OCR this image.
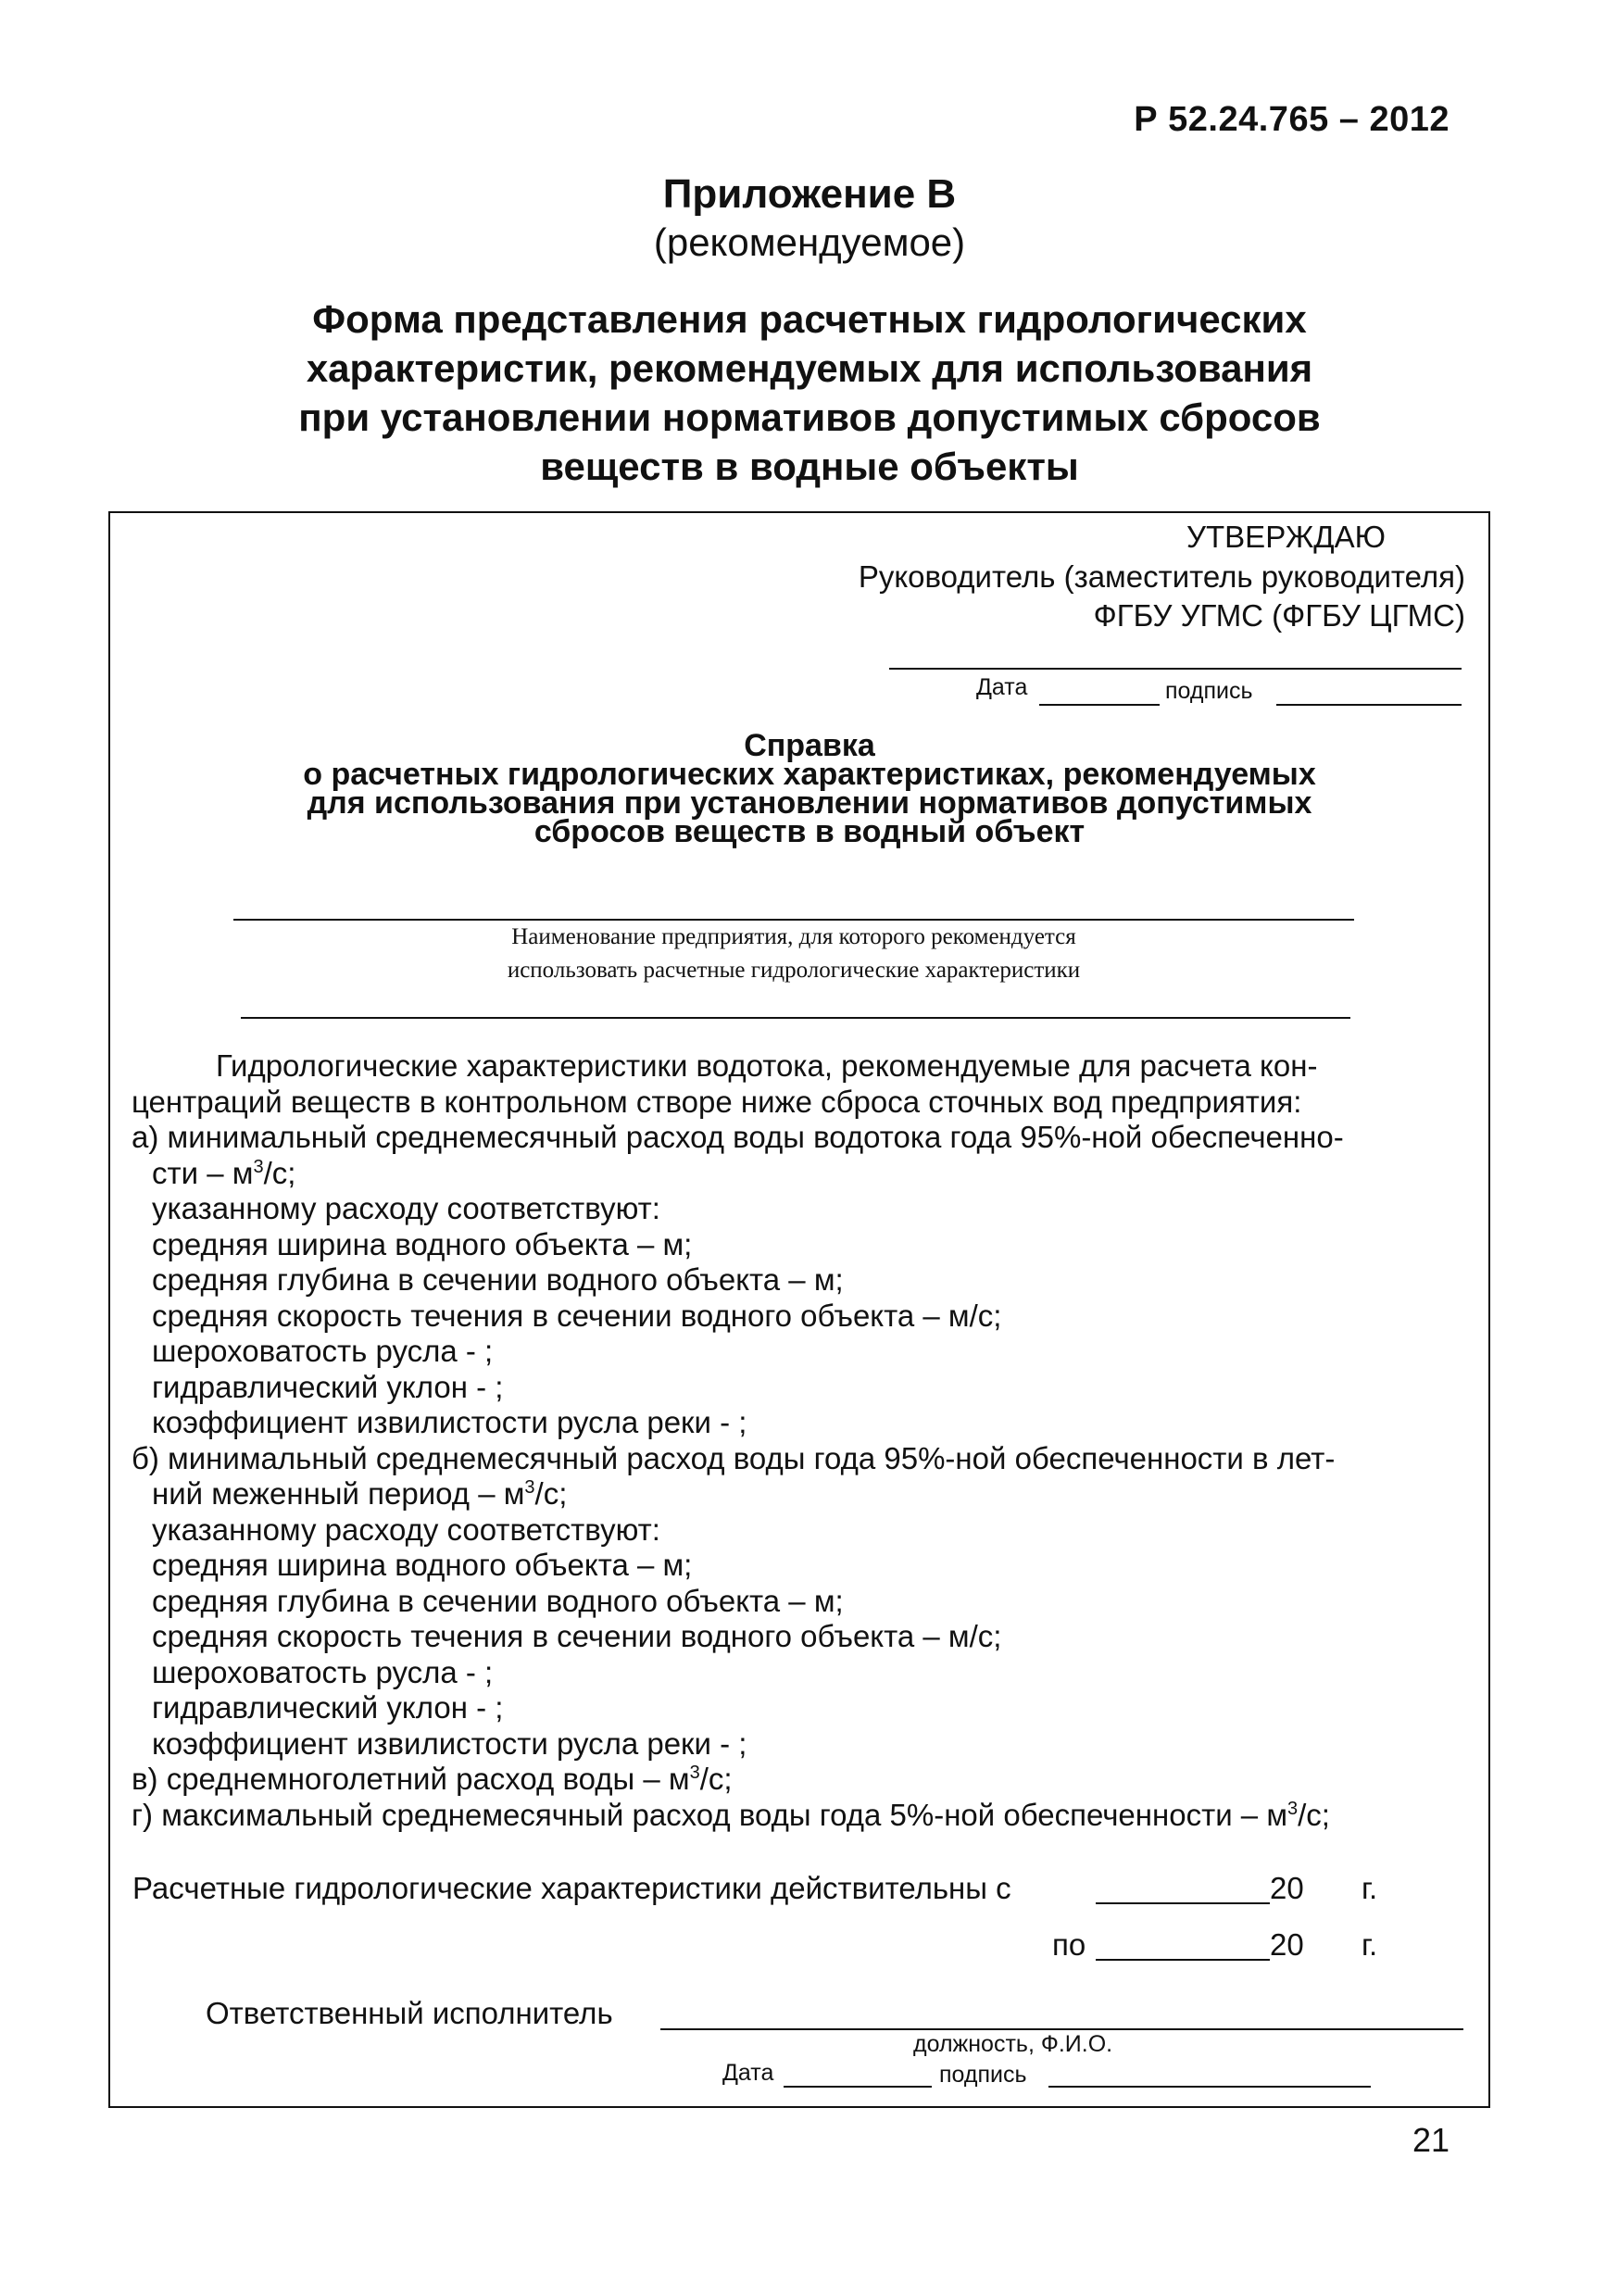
Р 52.24.765 – 2012
Приложение В
(рекомендуемое)
Форма представления расчетных гидрологических
характеристик, рекомендуемых для использования
при установлении нормативов допустимых сбросов
веществ в водные объекты
УТВЕРЖДАЮ
Руководитель (заместитель руководителя)
ФГБУ УГМС (ФГБУ ЦГМС)
Дата	подпись
Справка
о расчетных гидрологических характеристиках, рекомендуемых
для использования при установлении нормативов допустимых
сбросов веществ в водный объект
Наименование предприятия, для которого рекомендуется
использовать расчетные гидрологические характеристики
Гидрологические характеристики водотока, рекомендуемые для расчета кон-
центраций веществ в контрольном створе ниже сброса сточных вод предприятия:
а) минимальный среднемесячный расход воды водотока года 95%-ной обеспеченно-
сти – $м^3/с$;
указанному расходу соответствуют:
средняя ширина водного объекта – м;
средняя глубина в сечении водного объекта – м;
средняя скорость течения в сечении водного объекта – м/с;
шероховатость русла - ;
гидравлический уклон - ;
коэффициент извилистости русла реки - ;
б) минимальный среднемесячный расход воды года 95%-ной обеспеченности в лет-
ний меженный период – $м^3/с$;
указанному расходу соответствуют:
средняя ширина водного объекта – м;
средняя глубина в сечении водного объекта – м;
средняя скорость течения в сечении водного объекта – м/с;
шероховатость русла - ;
гидравлический уклон - ;
коэффициент извилистости русла реки - ;
в) среднемноголетний расход воды – $м^3/с$;
г) максимальный среднемесячный расход воды года 5%-ной обеспеченности – $м^3/с$;
Расчетные гидрологические характеристики действительны с	20 г.
по	20 г.
Ответственный исполнитель
должность, Ф.И.О.
Дата	подпись
21
